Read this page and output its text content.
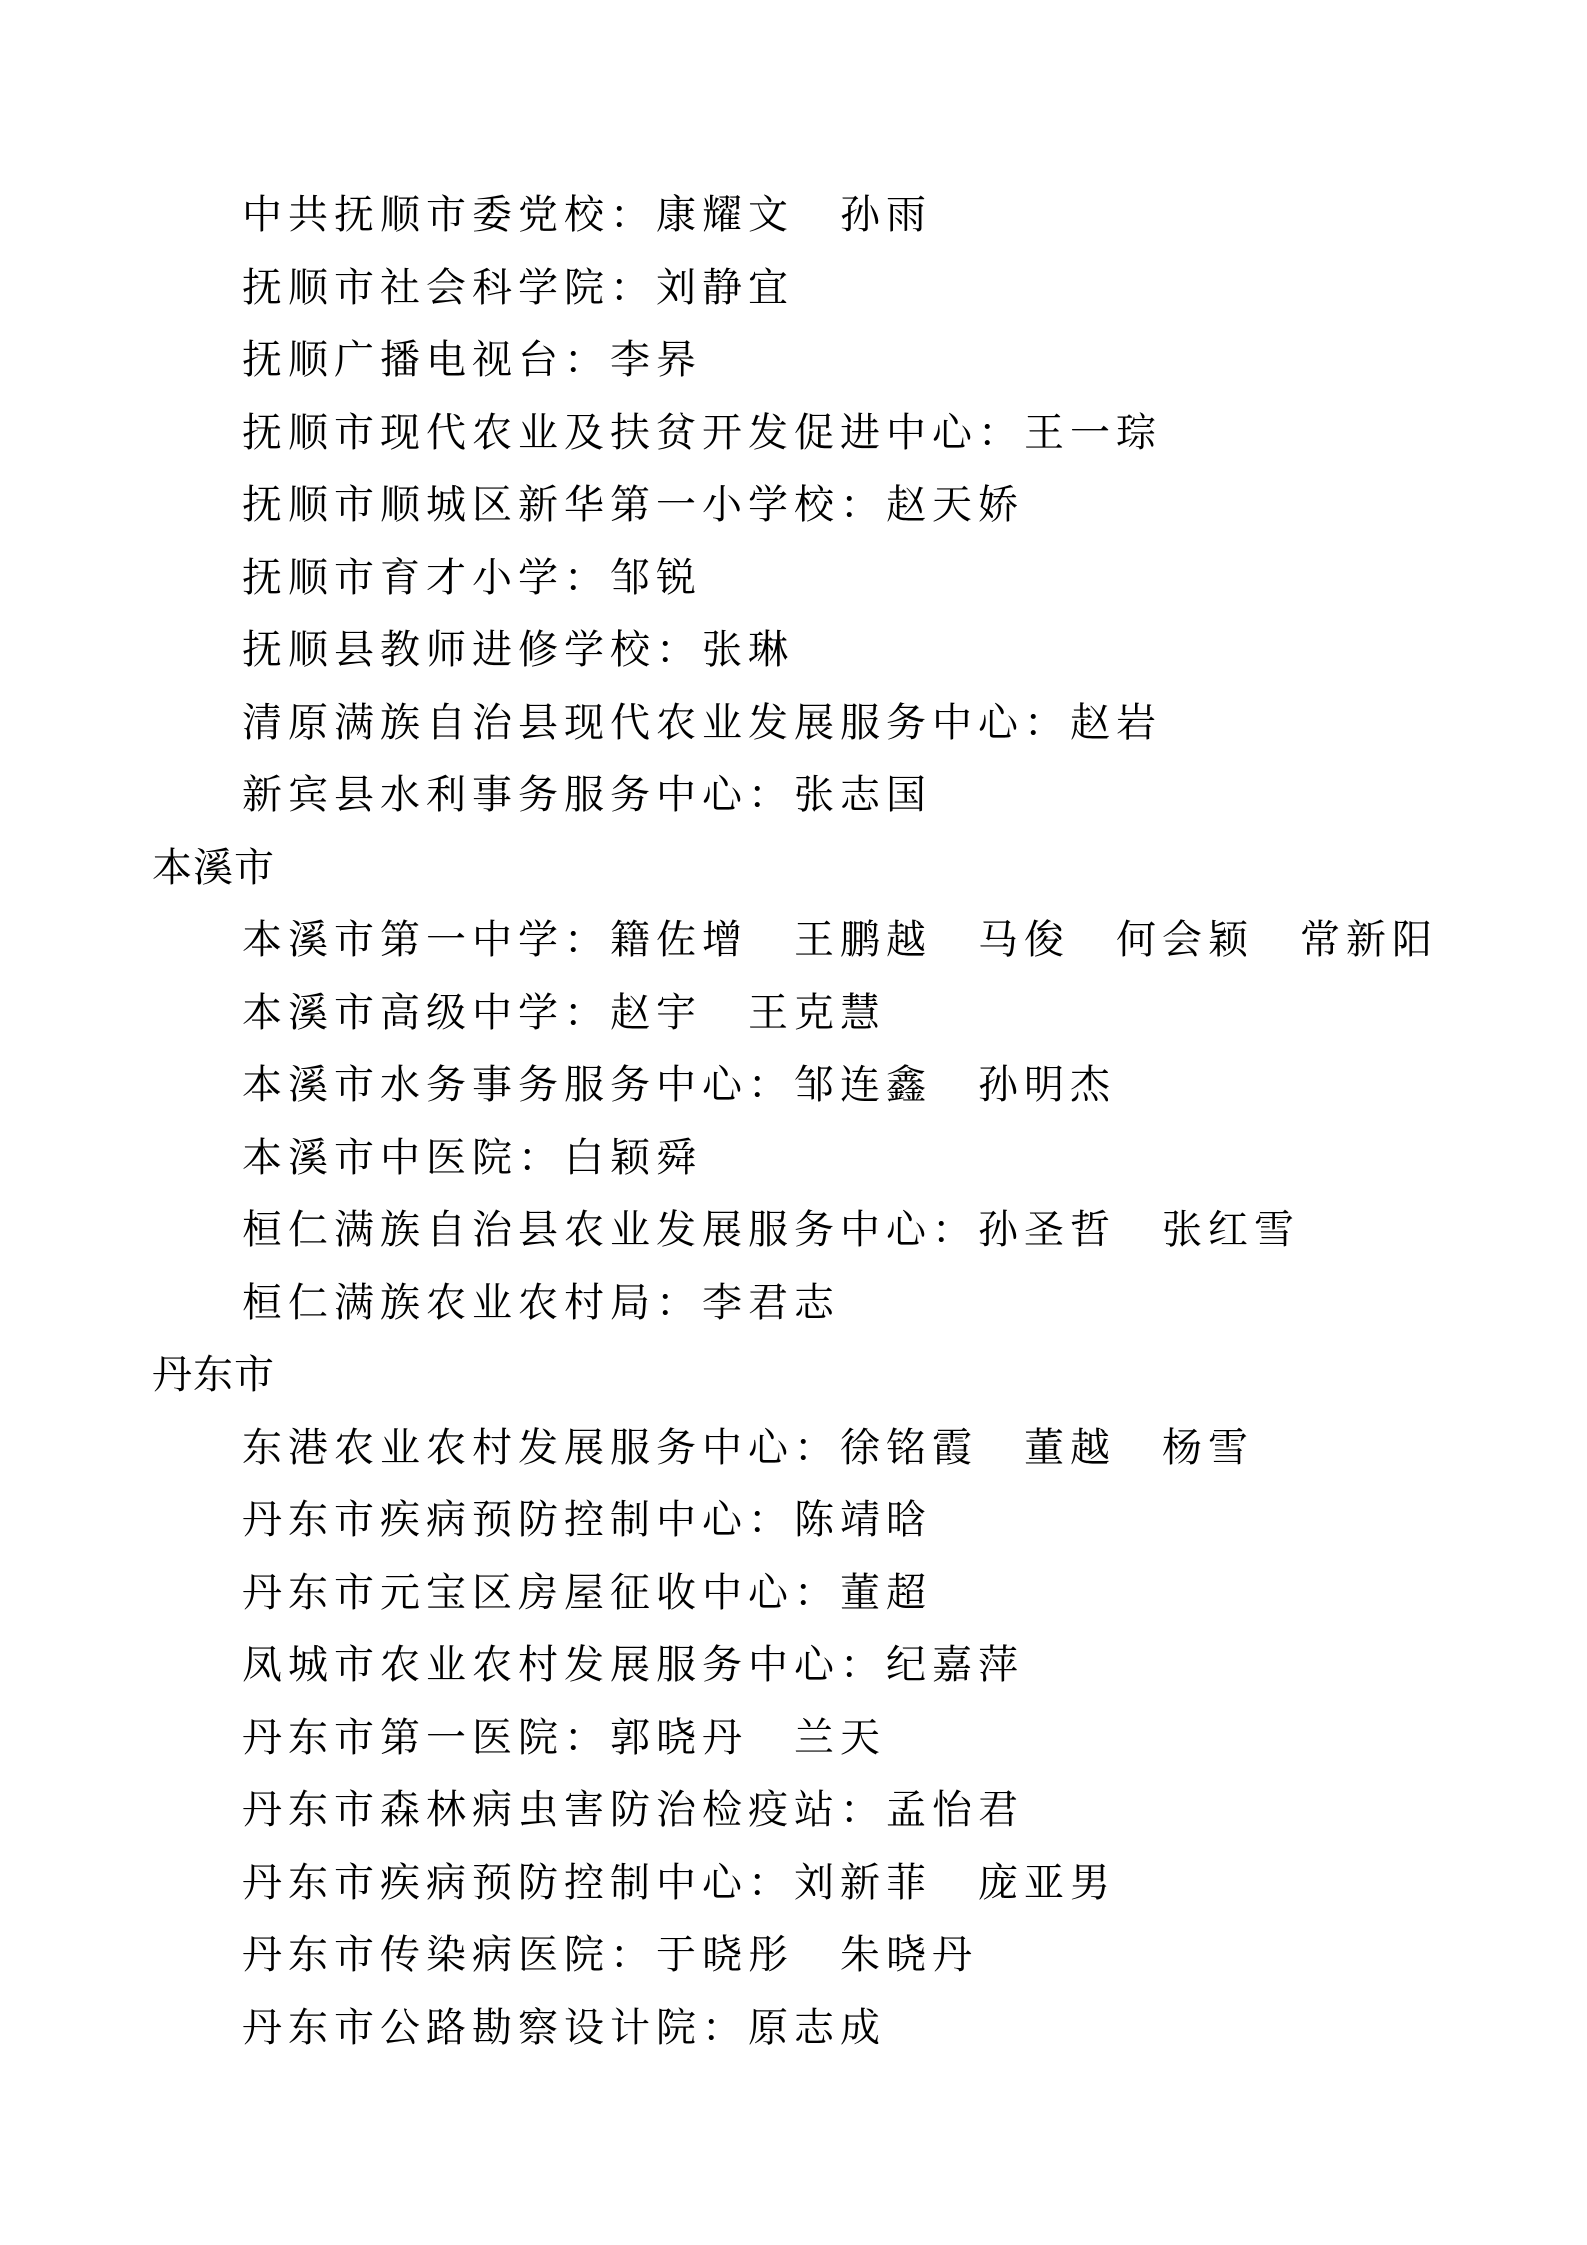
中共抚顺市委党校：康耀文 孙雨
抚顺市社会科学院：刘静宜
抚顺广播电视台：李昦
抚顺市现代农业及扶贫开发促进中心：王一琮
抚顺市顺城区新华第一小学校：赵天娇
抚顺市育才小学：邹锐
抚顺县教师进修学校：张琳
清原满族自治县现代农业发展服务中心：赵岩
新宾县水利事务服务中心：张志国
本溪市
本溪市第一中学：籍佐增 王鹏越 马俊 何会颖 常新阳
本溪市高级中学：赵宇 王克慧
本溪市水务事务服务中心：邹连鑫 孙明杰
本溪市中医院：白颖舜
桓仁满族自治县农业发展服务中心：孙圣哲 张红雪
桓仁满族农业农村局：李君志
丹东市
东港农业农村发展服务中心：徐铭霞 董越 杨雪
丹东市疾病预防控制中心：陈靖晗
丹东市元宝区房屋征收中心：董超
凤城市农业农村发展服务中心：纪嘉萍
丹东市第一医院：郭晓丹 兰天
丹东市森林病虫害防治检疫站：孟怡君
丹东市疾病预防控制中心：刘新菲 庞亚男
丹东市传染病医院：于晓彤 朱晓丹
丹东市公路勘察设计院：原志成
